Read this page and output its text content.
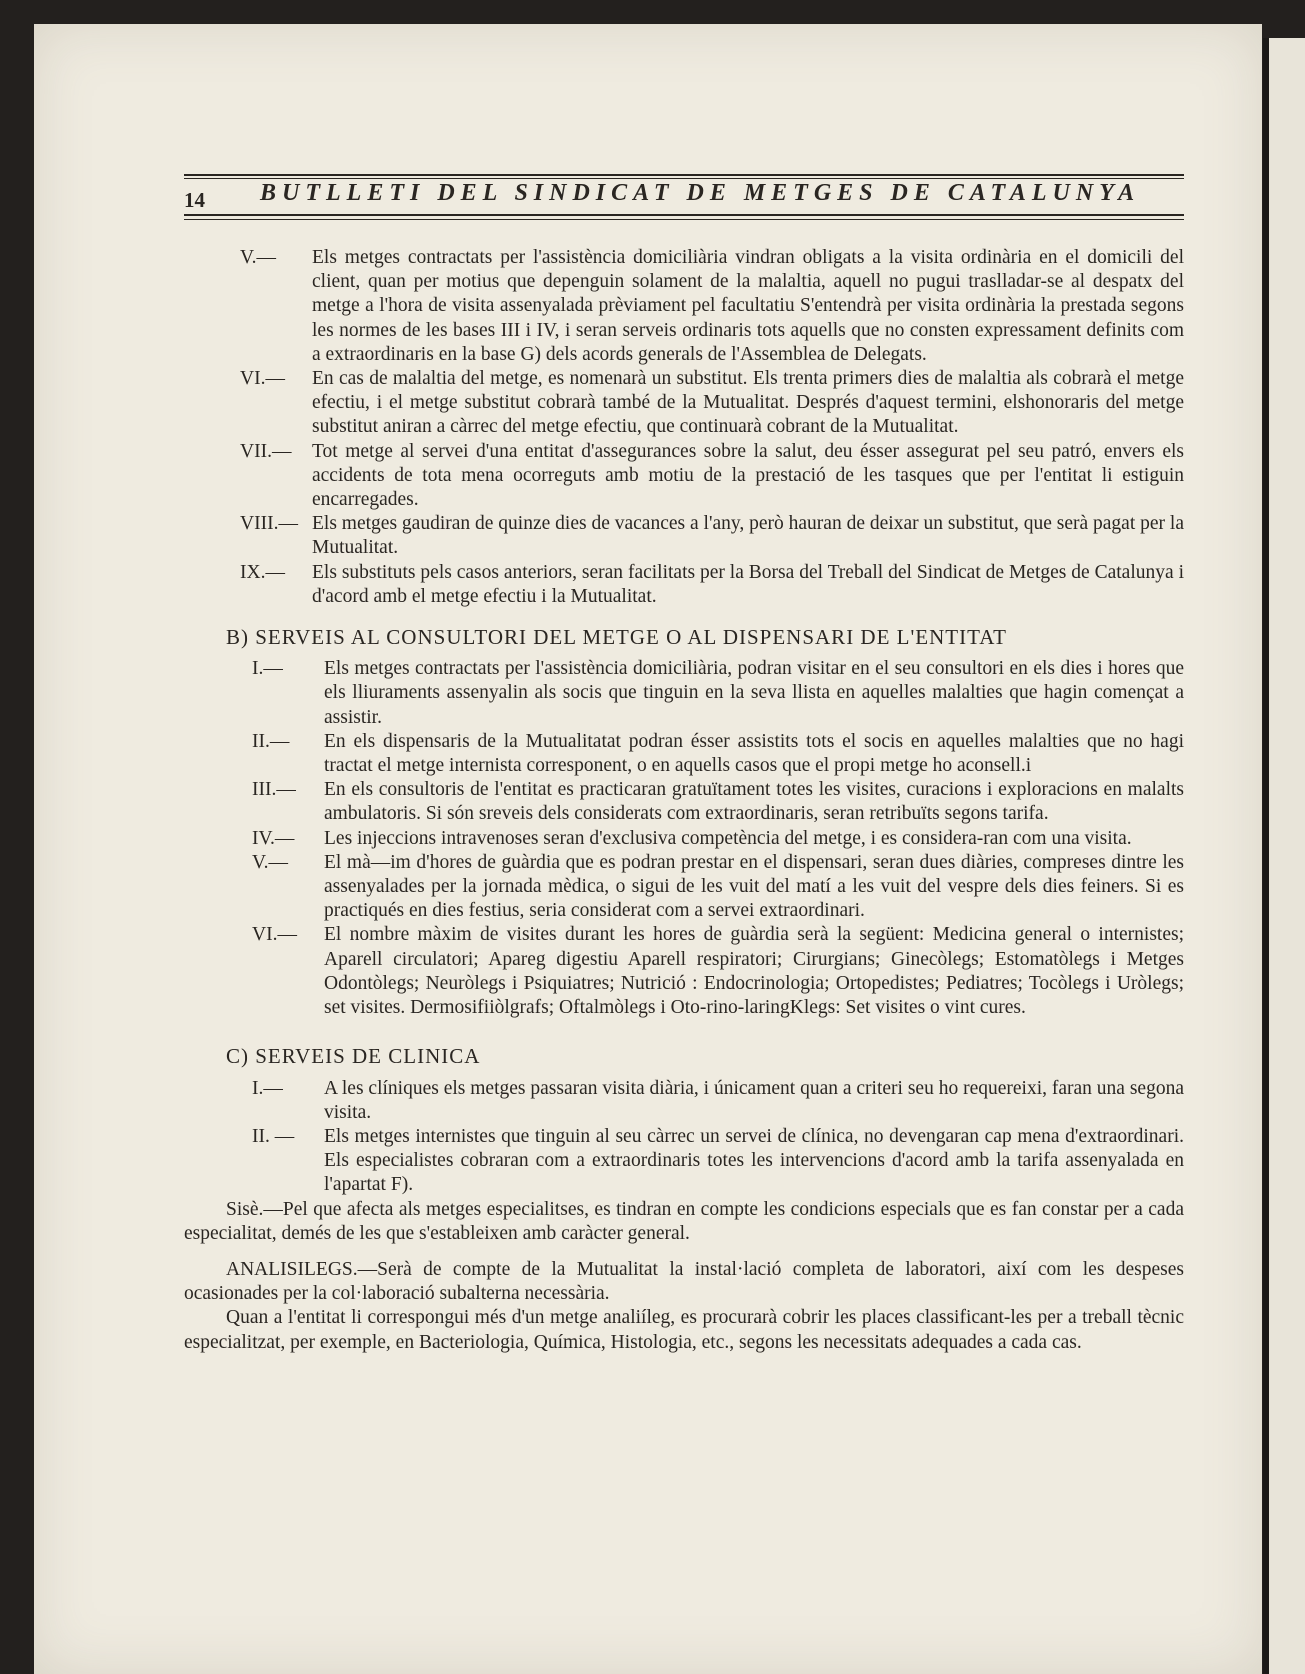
14 BUTLLETI DEL SINDICAT DE METGES DE CATALUNYA

V.— Els metges contractats per l'assistència domiciliària vindran obligats a la visita ordinària en el domicili del client, quan per motius que depenguin solament de la malaltia, aquell no pugui traslladar-se al despatx del metge a l'hora de visita assenyalada prèviament pel facultatiu S'entendrà per visita ordinària la prestada segons les normes de les bases III i IV, i seran serveis ordinaris tots aquells que no consten expressament definits com a extraordinaris en la base G) dels acords generals de l'Assemblea de Delegats.

VI.— En cas de malaltia del metge, es nomenarà un substitut. Els trenta primers dies de malaltia als cobrarà el metge efectiu, i el metge substitut cobrarà també de la Mutualitat. Després d'aquest termini, elshonoraris del metge substitut aniran a càrrec del metge efectiu, que continuarà cobrant de la Mutualitat.

VII.— Tot metge al servei d'una entitat d'assegurances sobre la salut, deu ésser assegurat pel seu patró, envers els accidents de tota mena ocorreguts amb motiu de la prestació de les tasques que per l'entitat li estiguin encarregades.

VIII.— Els metges gaudiran de quinze dies de vacances a l'any, però hauran de deixar un substitut, que serà pagat per la Mutualitat.

IX.— Els substituts pels casos anteriors, seran facilitats per la Borsa del Treball del Sindicat de Metges de Catalunya i d'acord amb el metge efectiu i la Mutualitat.

B) SERVEIS AL CONSULTORI DEL METGE O AL DISPENSARI DE L'ENTITAT

I.— Els metges contractats per l'assistència domiciliària, podran visitar en el seu consultori en els dies i hores que els lliuraments assenyalin als socis que tinguin en la seva llista en aquelles malalties que hagin començat a assistir.

II.— En els dispensaris de la Mutualitatat podran ésser assistits tots el socis en aquelles malalties que no hagi tractat el metge internista corresponent, o en aquells casos que el propi metge ho aconsell.i

III.— En els consultoris de l'entitat es practicaran gratuïtament totes les visites, curacions i exploracions en malalts ambulatoris. Si són sreveis dels considerats com extraordinaris, seran retribuïts segons tarifa.

IV.— Les injeccions intravenoses seran d'exclusiva competència del metge, i es considera-ran com una visita.

V.— El mà—im d'hores de guàrdia que es podran prestar en el dispensari, seran dues diàries, compreses dintre les assenyalades per la jornada mèdica, o sigui de les vuit del matí a les vuit del vespre dels dies feiners. Si es practiqués en dies festius, seria considerat com a servei extraordinari.

VI.— El nombre màxim de visites durant les hores de guàrdia serà la següent: Medicina general o internistes; Aparell circulatori; Apareg digestiu Aparell respiratori; Cirurgians; Ginecòlegs; Estomatòlegs i Metges Odontòlegs; Neuròlegs i Psiquiatres; Nutrició : Endocrinologia; Ortopedistes; Pediatres; Tocòlegs i Uròlegs; set visites. Dermosifiiòlgrafs; Oftalmòlegs i Oto-rino-laringKlegs: Set visites o vint cures.

C) SERVEIS DE CLINICA

I.— A les clíniques els metges passaran visita diària, i únicament quan a criteri seu ho requereixi, faran una segona visita.

II. — Els metges internistes que tinguin al seu càrrec un servei de clínica, no devengaran cap mena d'extraordinari. Els especialistes cobraran com a extraordinaris totes les intervencions d'acord amb la tarifa assenyalada en l'apartat F).

Sisè.—Pel que afecta als metges especialitses, es tindran en compte les condicions especials que es fan constar per a cada especialitat, demés de les que s'estableixen amb caràcter general.

ANALISILEGS.—Serà de compte de la Mutualitat la instal·lació completa de laboratori, així com les despeses ocasionades per la col·laboració subalterna necessària.

Quan a l'entitat li correspongui més d'un metge analiíleg, es procurarà cobrir les places classificant-les per a treball tècnic especialitzat, per exemple, en Bacteriologia, Química, Histologia, etc., segons les necessitats adequades a cada cas.
